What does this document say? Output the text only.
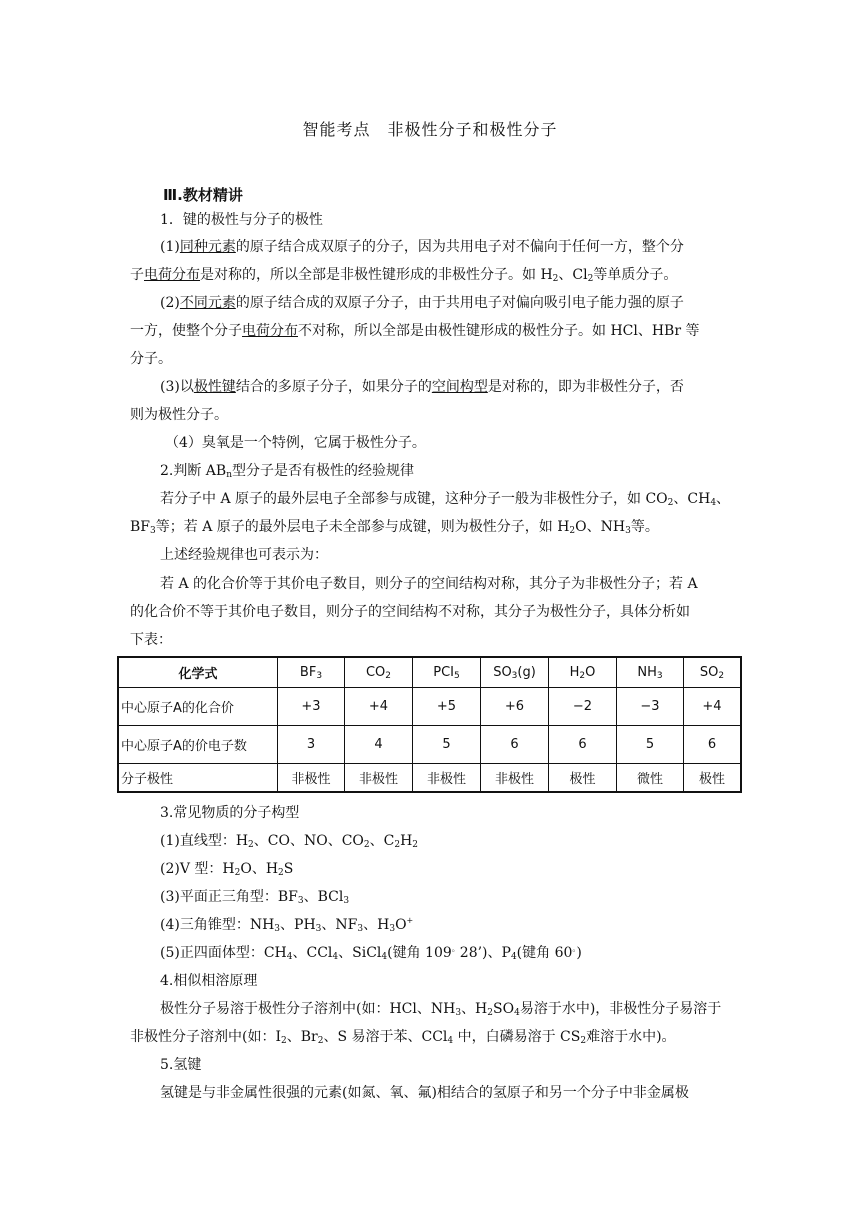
智能考点　非极性分子和极性分子
Ⅲ.教材精讲
1．键的极性与分子的极性
(1)同种元素的原子结合成双原子的分子，因为共用电子对不偏向于任何一方，整个分
子电荷分布是对称的，所以全部是非极性键形成的非极性分子。如 $H_2$、$Cl_2$等单质分子。
(2)不同元素的原子结合成的双原子分子，由于共用电子对偏向吸引电子能力强的原子
一方，使整个分子电荷分布不对称，所以全部是由极性键形成的极性分子。如 HCl、HBr 等
分子。
(3)以极性键结合的多原子分子，如果分子的空间构型是对称的，即为非极性分子，否
则为极性分子。
（4）臭氧是一个特例，它属于极性分子。
2.判断 $AB_n$型分子是否有极性的经验规律
若分子中 A 原子的最外层电子全部参与成键，这种分子一般为非极性分子，如 $CO_2$、$CH_4$、
$BF_3$等；若 A 原子的最外层电子未全部参与成键，则为极性分子，如 $H_2O$、$NH_3$等。
上述经验规律也可表示为：
若 A 的化合价等于其价电子数目，则分子的空间结构对称，其分子为非极性分子；若 A
的化合价不等于其价电子数目，则分子的空间结构不对称，其分子为极性分子，具体分析如
下表：
化学式	$BF_3$	$CO_2$	$PCI_5$	$SO_3(g)$	$H_2O$	$NH_3$	$SO_2$
中心原子A的化合价	+3	+4	+5	+6	−2	−3	+4
中心原子A的价电子数	3	4	5	6	6	5	6
分子极性	非极性	非极性	非极性	非极性	极性	微性	极性
3.常见物质的分子构型
(1)直线型：$H_2$、CO、NO、$CO_2$、$C_2H_2$
(2)V 型：$H_2O$、$H_2S$
(3)平面正三角型：$BF_3$、BCl$_3$
(4)三角锥型：$NH_3$、$PH_3$、$NF_3$、$H_3O^+$
(5)正四面体型：$CH_4$、CCl$_4$、SiCl$_4$(键角 109。28’)、$P_4$(键角 60。)
4.相似相溶原理
极性分子易溶于极性分子溶剂中(如：HCl、$NH_3$、$H_2SO_4$易溶于水中)，非极性分子易溶于
非极性分子溶剂中(如：$I_2$、$Br_2$、S 易溶于苯、CCl$_4$ 中，白磷易溶于 $CS_2$难溶于水中)。
5.氢键
氢键是与非金属性很强的元素(如氮、氧、氟)相结合的氢原子和另一个分子中非金属极
